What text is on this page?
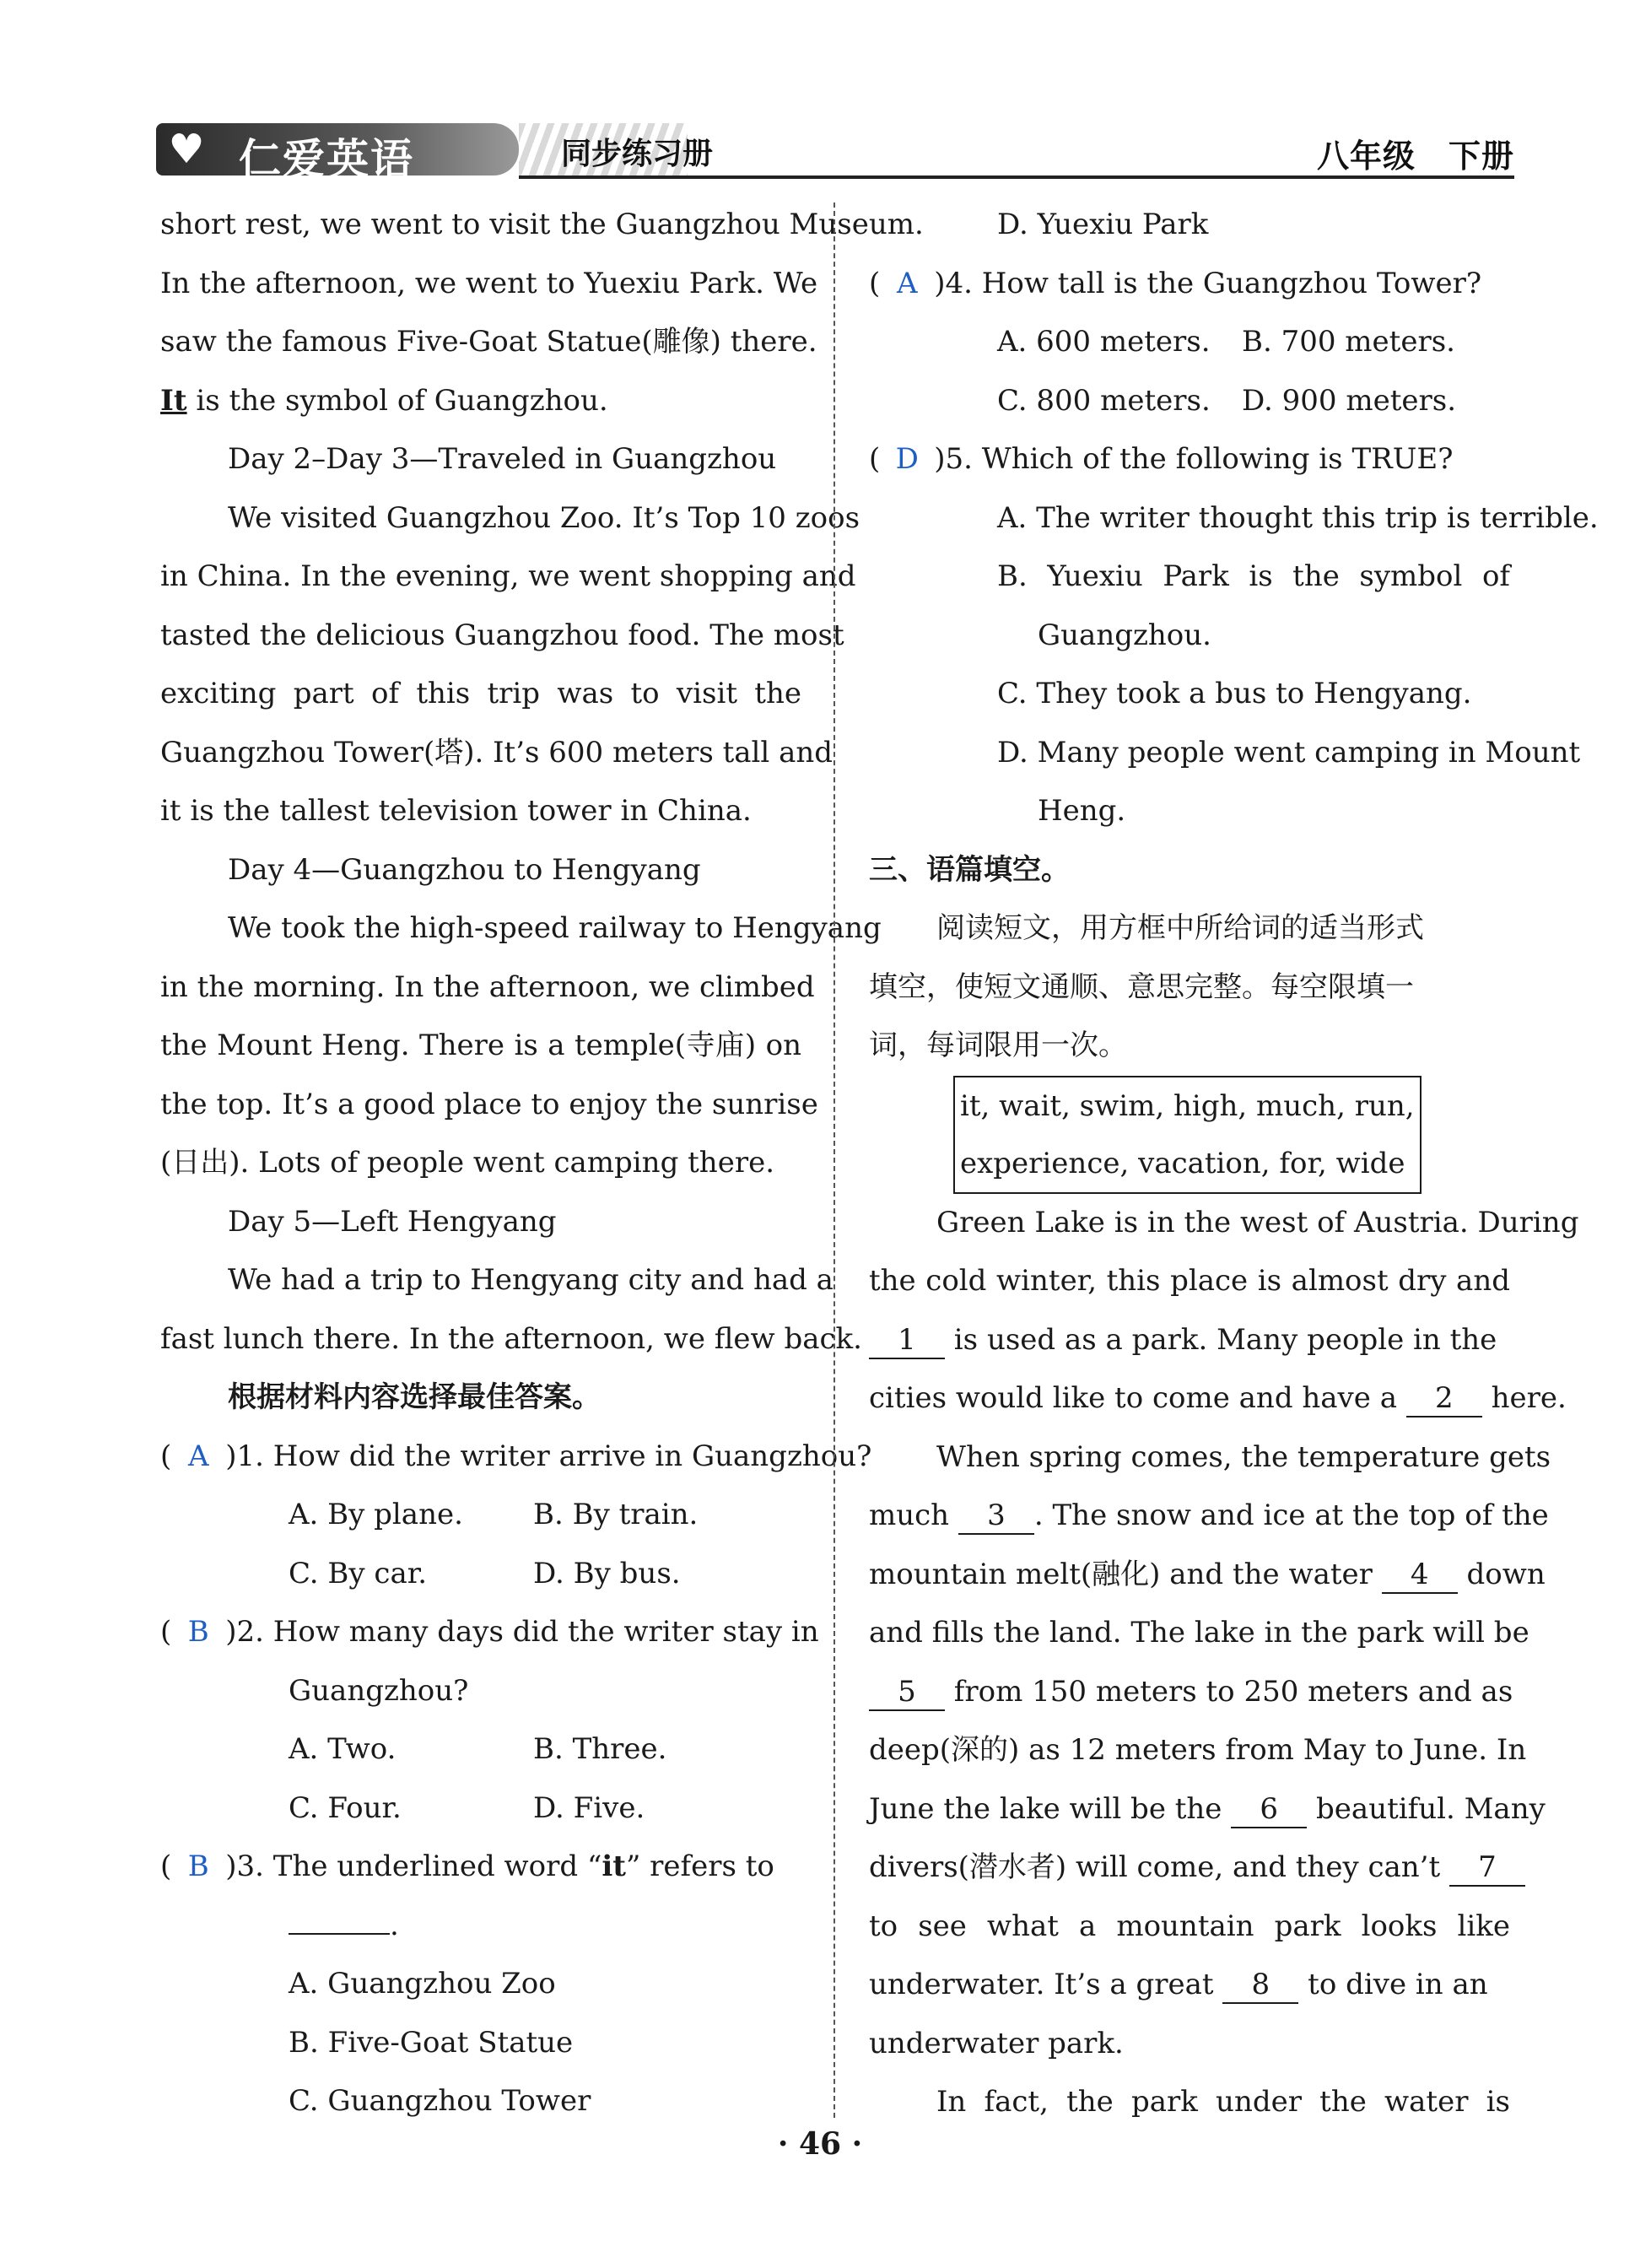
♥ 仁爱英语	同步练习册	八年级　下册
short rest, we went to visit the Guangzhou Museum.
In the afternoon, we went to Yuexiu Park. We
saw the famous Five-Goat Statue(雕像) there.
It is the symbol of Guangzhou.
Day 2–Day 3—Traveled in Guangzhou
We visited Guangzhou Zoo. It’s Top 10 zoos
in China. In the evening, we went shopping and
tasted the delicious Guangzhou food. The most
exciting part of this trip was to visit the
Guangzhou Tower(塔). It’s 600 meters tall and
it is the tallest television tower in China.
Day 4—Guangzhou to Hengyang
We took the high-speed railway to Hengyang
in the morning. In the afternoon, we climbed
the Mount Heng. There is a temple(寺庙) on
the top. It’s a good place to enjoy the sunrise
(日出). Lots of people went camping there.
Day 5—Left Hengyang
We had a trip to Hengyang city and had a
fast lunch there. In the afternoon, we flew back.
根据材料内容选择最佳答案。
( A )1. How did the writer arrive in Guangzhou?
A. By plane. B. By train.
C. By car.	D. By bus.
( B )2. How many days did the writer stay in
Guangzhou?
A. Two.	B. Three.
C. Four.	D. Five.
( B )3. The underlined word “it” refers to
.
A. Guangzhou Zoo
B. Five-Goat Statue
C. Guangzhou Tower
D. Yuexiu Park
( A )4. How tall is the Guangzhou Tower?
A. 600 meters. B. 700 meters.
C. 800 meters. D. 900 meters.
( D )5. Which of the following is TRUE?
A. The writer thought this trip is terrible.
B. Yuexiu Park is the symbol of
Guangzhou.
C. They took a bus to Hengyang.
D. Many people went camping in Mount
Heng.
三、语篇填空。
阅读短文，用方框中所给词的适当形式
填空，使短文通顺、意思完整。每空限填一
词，每词限用一次。
it, wait, swim, high, much, run,
experience, vacation, for, wide
Green Lake is in the west of Austria. During
the cold winter, this place is almost dry and
1 is used as a park. Many people in the
cities would like to come and have a 2 here.
When spring comes, the temperature gets
much 3 . The snow and ice at the top of the
mountain melt(融化) and the water 4 down
and fills the land. The lake in the park will be
5 from 150 meters to 250 meters and as
deep(深的) as 12 meters from May to June. In
June the lake will be the 6 beautiful. Many
divers(潜水者) will come, and they can’t 7
to see what a mountain park looks like
underwater. It’s a great 8 to dive in an
underwater park.
In fact, the park under the water is
· 46 ·
